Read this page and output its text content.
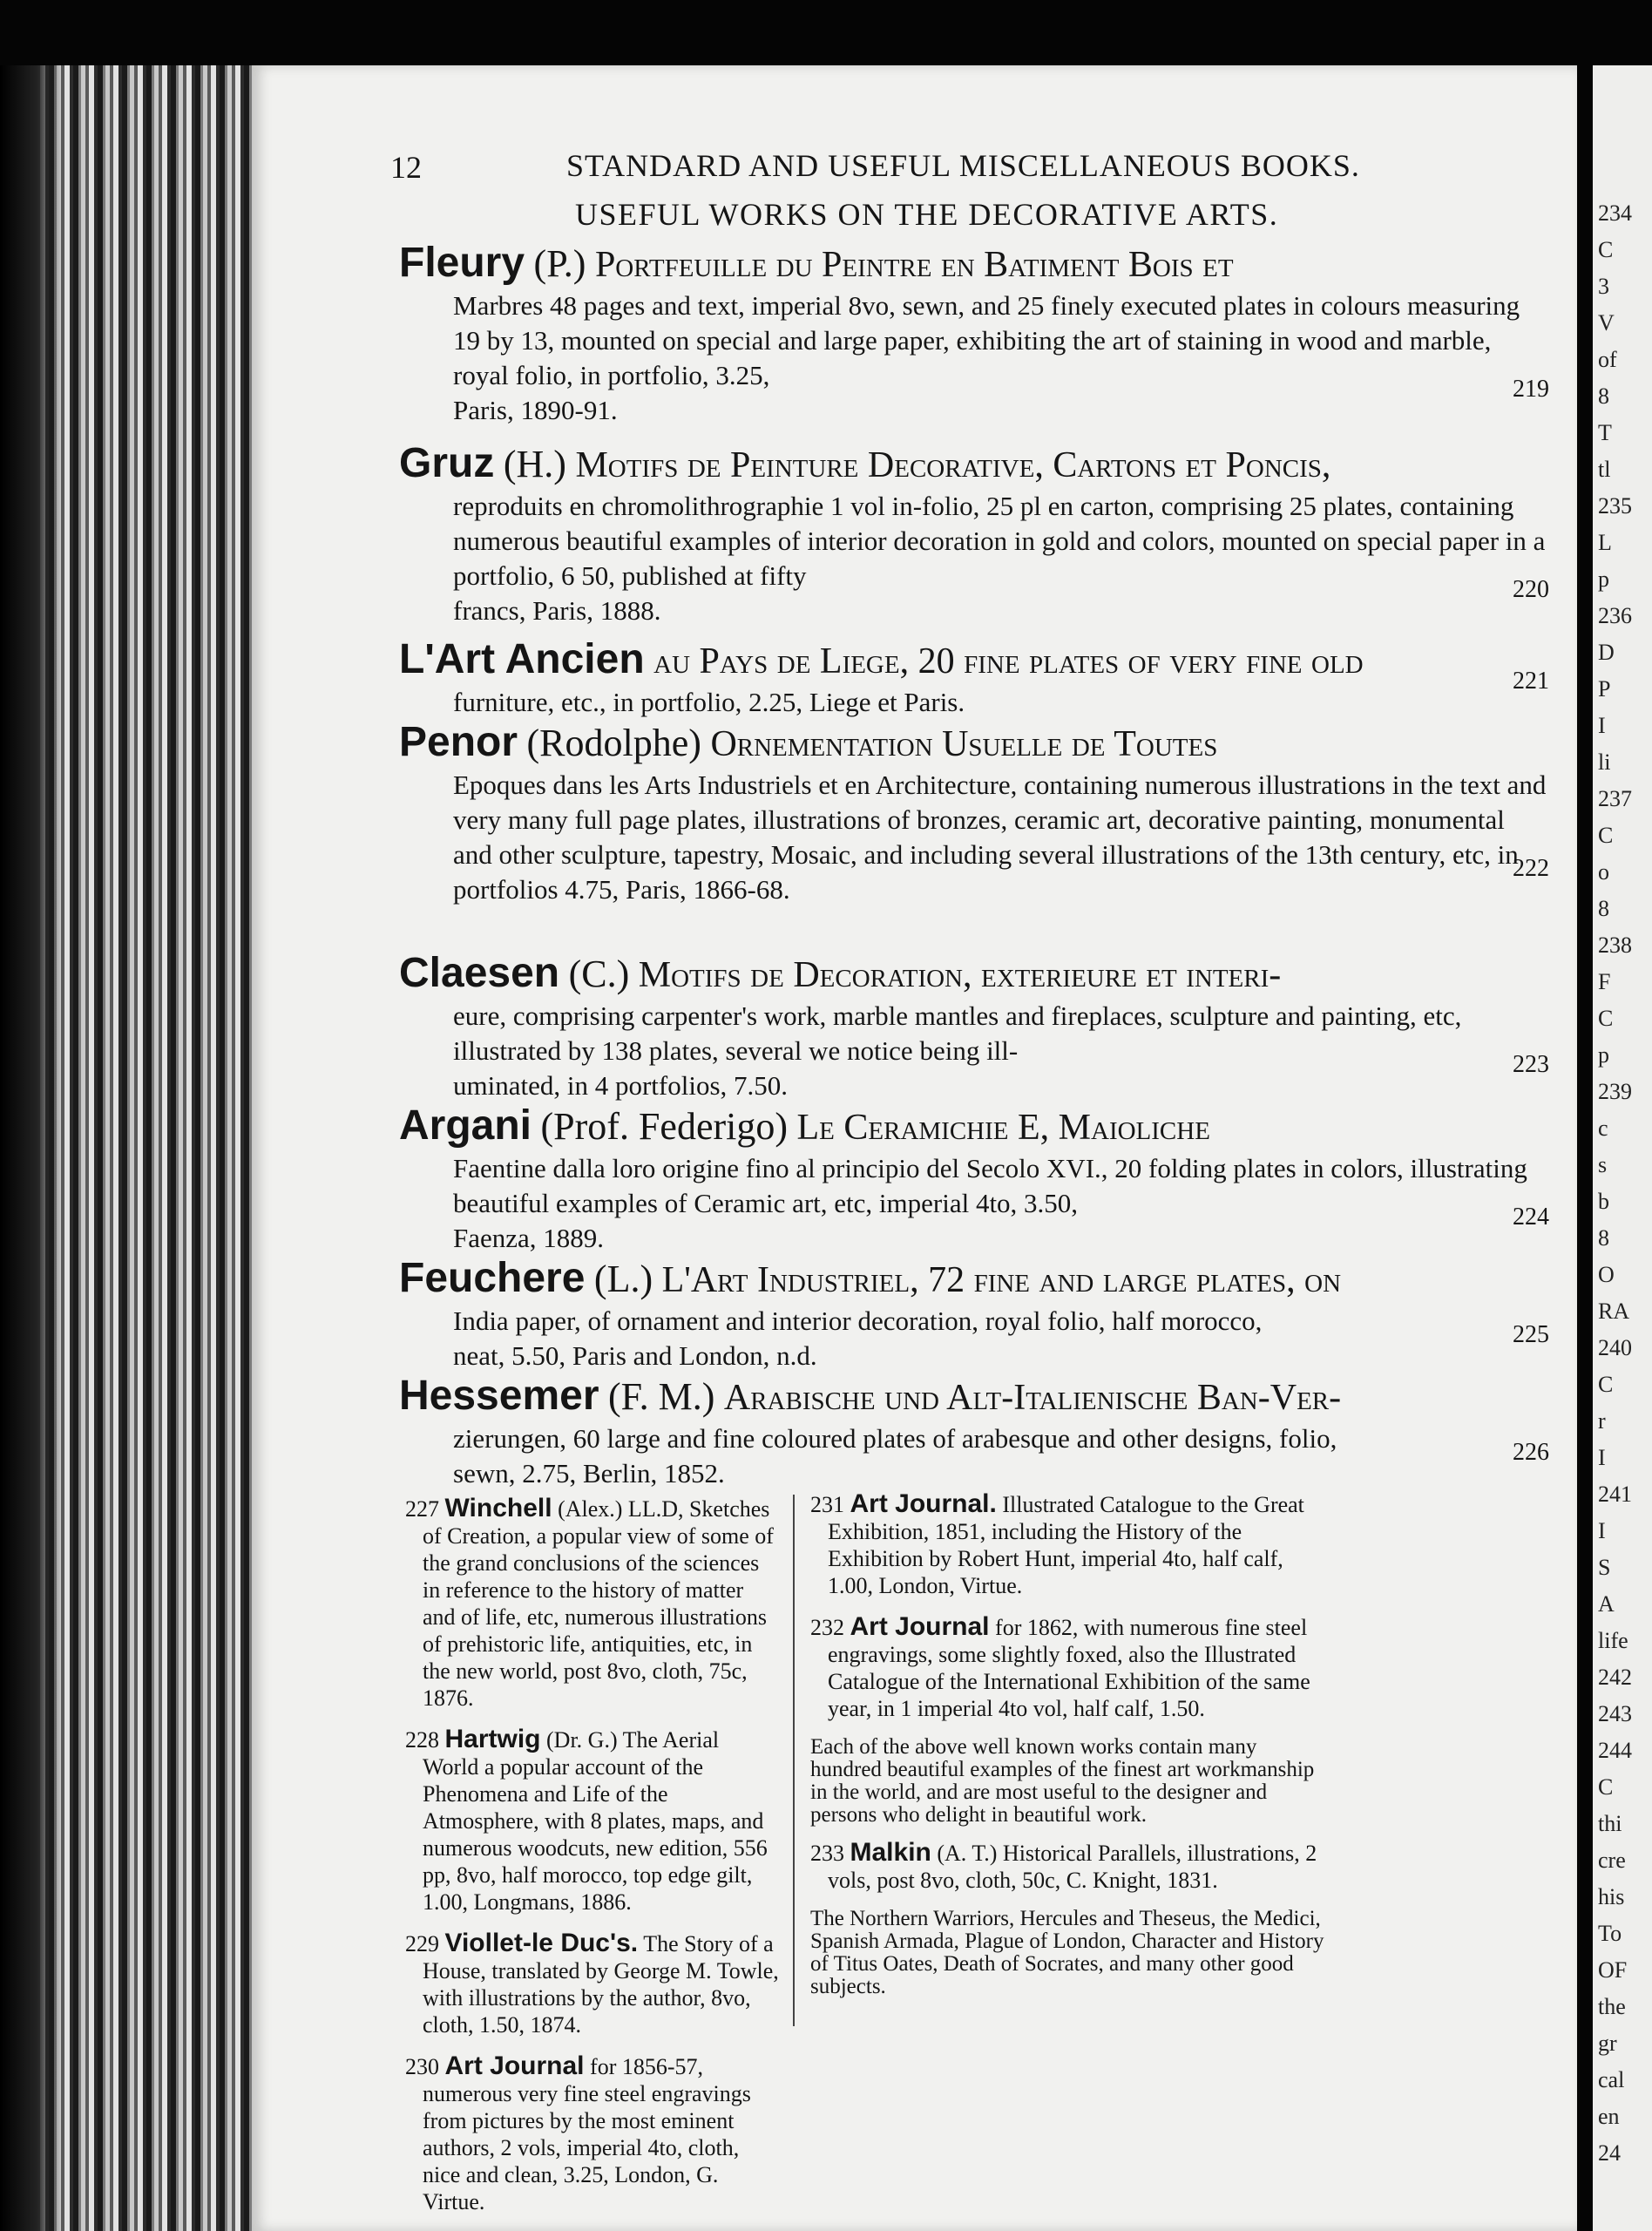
12	STANDARD AND USEFUL MISCELLANEOUS BOOKS.
USEFUL WORKS ON THE DECORATIVE ARTS.
Fleury (P.) Portfeuille du Peintre en Batiment Bois et
Marbres 48 pages and text, imperial 8vo, sewn, and 25 finely executed plates in colours measuring 19 by 13, mounted on special and large paper, exhibiting the art of staining in wood and marble, royal folio, in portfolio, 3.25,
Paris, 1890-91.
219
Gruz (H.) Motifs de Peinture Decorative, Cartons et Poncis,
reproduits en chromolithrographie 1 vol in-folio, 25 pl en carton, comprising 25 plates, containing numerous beautiful examples of interior decoration in gold and colors, mounted on special paper in a portfolio, 6 50, published at fifty
francs, Paris, 1888.
220
L'Art Ancien au Pays de Liege, 20 fine plates of very fine old
furniture, etc., in portfolio, 2.25, Liege et Paris.
221
Penor (Rodolphe) Ornementation Usuelle de Toutes
Epoques dans les Arts Industriels et en Architecture, containing numerous illustrations in the text and very many full page plates, illustrations of bronzes, ceramic art, decorative painting, monumental and other sculpture, tapestry, Mosaic, and including several illustrations of the 13th century, etc, in
portfolios 4.75, Paris, 1866-68.
222
Claesen (C.) Motifs de Decoration, exterieure et interi-
eure, comprising carpenter's work, marble mantles and fireplaces, sculpture and painting, etc, illustrated by 138 plates, several we notice being ill-
uminated, in 4 portfolios, 7.50.
223
Argani (Prof. Federigo) Le Ceramichie E, Maioliche
Faentine dalla loro origine fino al principio del Secolo XVI., 20 folding plates in colors, illustrating beautiful examples of Ceramic art, etc, imperial 4to, 3.50,
Faenza, 1889.
224
Feuchere (L.) L'Art Industriel, 72 fine and large plates, on
India paper, of ornament and interior decoration, royal folio, half morocco,
neat, 5.50, Paris and London, n.d.
225
Hessemer (F. M.) Arabische und Alt-Italienische Ban-Ver-
zierungen, 60 large and fine coloured plates of arabesque and other designs, folio,
sewn, 2.75, Berlin, 1852.
226
227 Winchell (Alex.) LL.D, Sketches of Creation, a popular view of some of the grand conclusions of the sciences in reference to the history of matter and of life, etc, numerous illustrations of prehistoric life, antiquities, etc, in the new world, post 8vo, cloth, 75c, 1876.
228 Hartwig (Dr. G.) The Aerial World a popular account of the Phenomena and Life of the Atmosphere, with 8 plates, maps, and numerous woodcuts, new edition, 556 pp, 8vo, half morocco, top edge gilt, 1.00, Longmans, 1886.
229 Viollet-le Duc's. The Story of a House, translated by George M. Towle, with illustrations by the author, 8vo, cloth, 1.50, 1874.
230 Art Journal for 1856-57, numerous very fine steel engravings from pictures by the most eminent authors, 2 vols, imperial 4to, cloth, nice and clean, 3.25, London, G. Virtue.
231 Art Journal. Illustrated Catalogue to the Great Exhibition, 1851, including the History of the Exhibition by Robert Hunt, imperial 4to, half calf, 1.00, London, Virtue.
232 Art Journal for 1862, with numerous fine steel engravings, some slightly foxed, also the Illustrated Catalogue of the International Exhibition of the same year, in 1 imperial 4to vol, half calf, 1.50.
Each of the above well known works contain many hundred beautiful examples of the finest art workmanship in the world, and are most useful to the designer and persons who delight in beautiful work.
233 Malkin (A. T.) Historical Parallels, illustrations, 2 vols, post 8vo, cloth, 50c, C. Knight, 1831.
The Northern Warriors, Hercules and Theseus, the Medici, Spanish Armada, Plague of London, Character and History of Titus Oates, Death of Socrates, and many other good subjects.
234
C
3
V
of
8
T
tl
235
L
p
236
D
P
I
li
237
C
o
8
238
F
C
p
239
c
s
b
8
O
RA
240
C
r
I
241
I
S
A
life
242
243
244
C
thi
cre
his
To
OF
the
gr
cal
en
24
